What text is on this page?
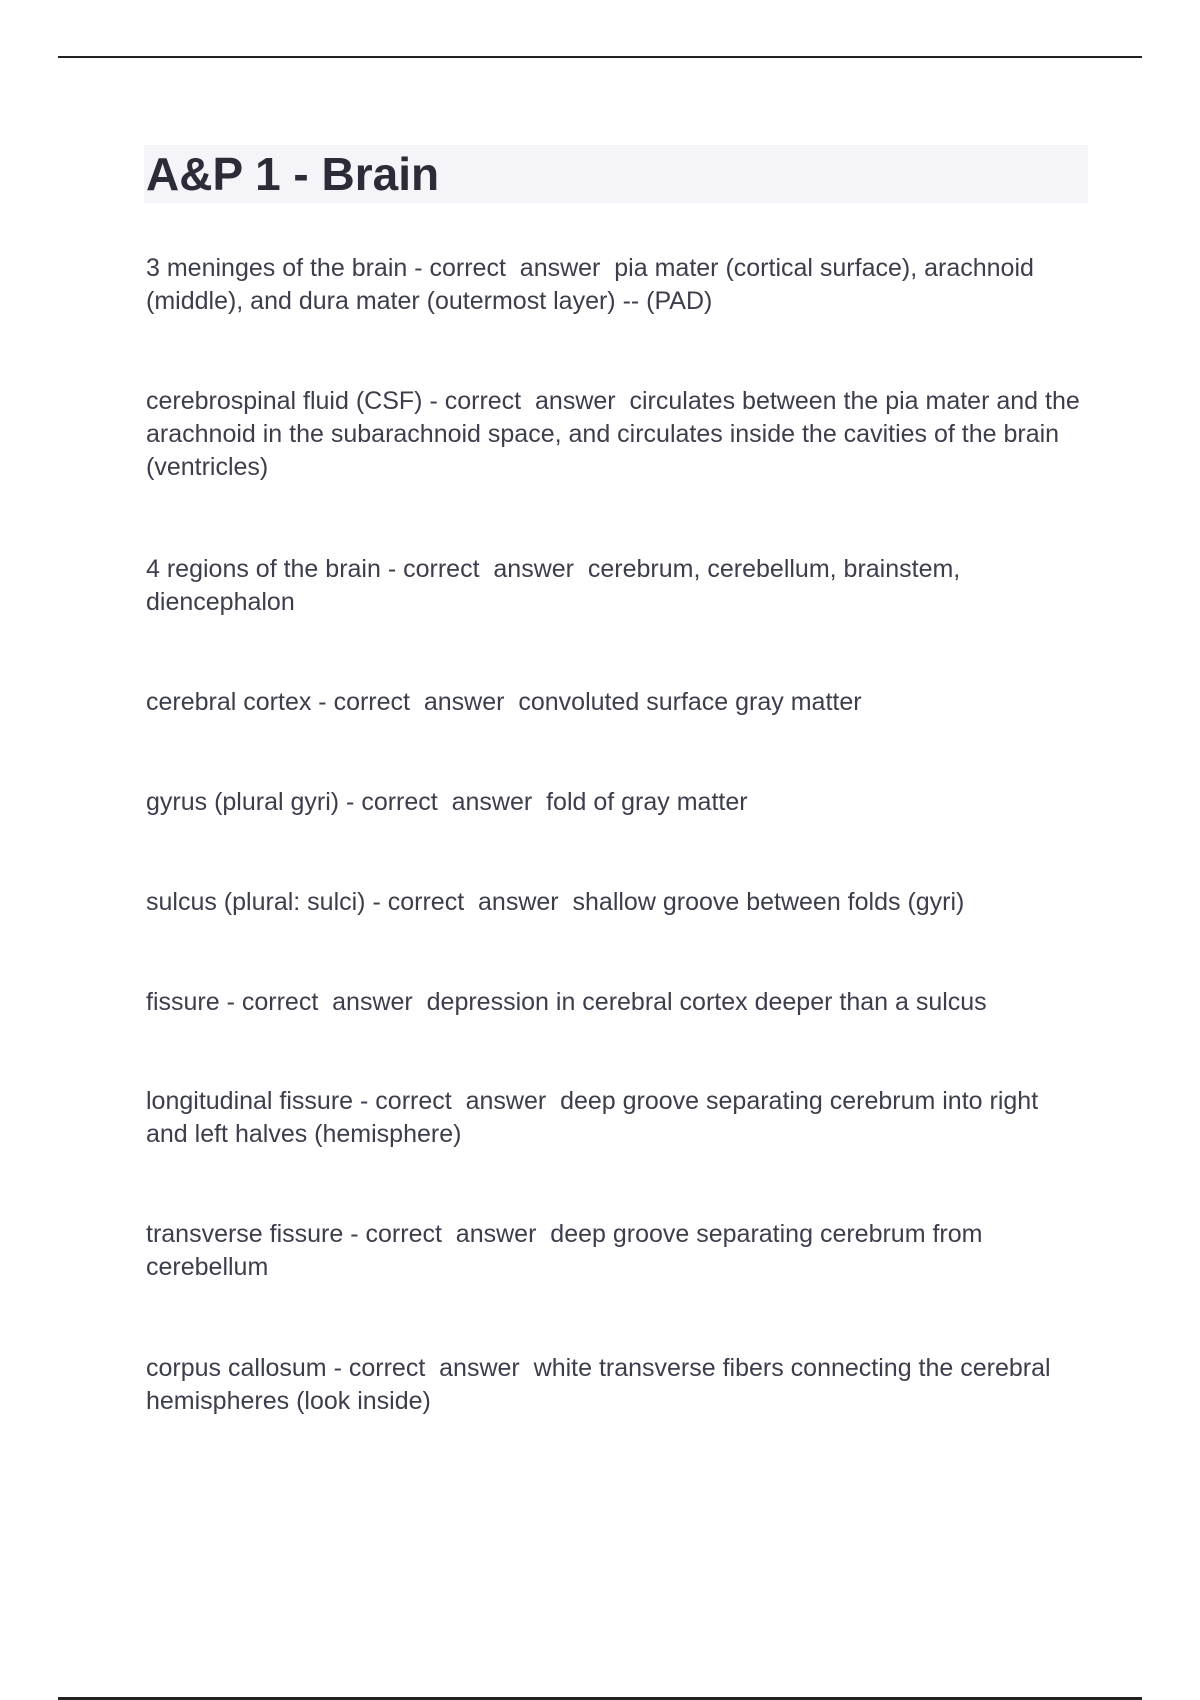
A&P 1 - Brain

3 meninges of the brain - correct  answer  pia mater (cortical surface), arachnoid (middle), and dura mater (outermost layer) -- (PAD)

cerebrospinal fluid (CSF) - correct  answer  circulates between the pia mater and the arachnoid in the subarachnoid space, and circulates inside the cavities of the brain (ventricles)

4 regions of the brain - correct  answer  cerebrum, cerebellum, brainstem, diencephalon

cerebral cortex - correct  answer  convoluted surface gray matter

gyrus (plural gyri) - correct  answer  fold of gray matter

sulcus (plural: sulci) - correct  answer  shallow groove between folds (gyri)

fissure - correct  answer  depression in cerebral cortex deeper than a sulcus

longitudinal fissure - correct  answer  deep groove separating cerebrum into right and left halves (hemisphere)

transverse fissure - correct  answer  deep groove separating cerebrum from cerebellum

corpus callosum - correct  answer  white transverse fibers connecting the cerebral hemispheres (look inside)
